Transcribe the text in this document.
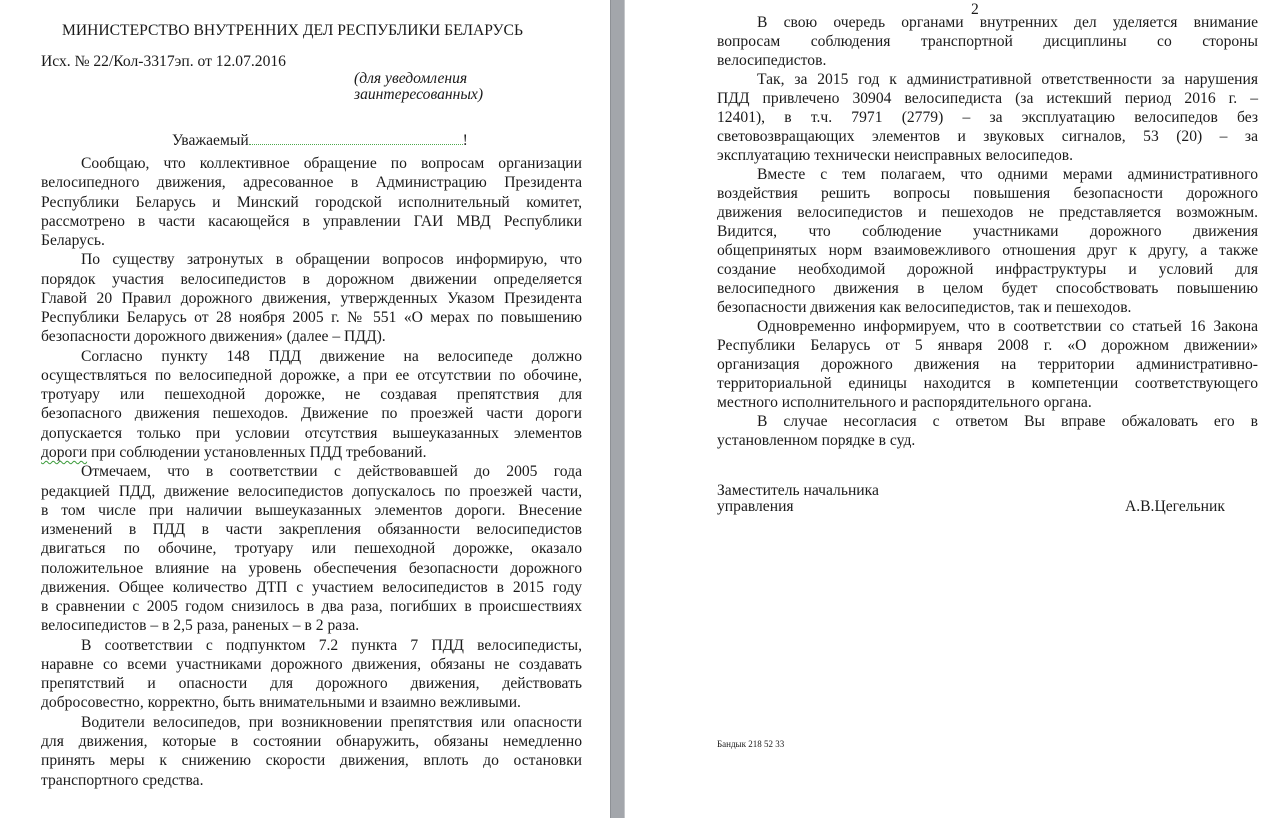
МИНИСТЕРСТВО ВНУТРЕННИХ ДЕЛ РЕСПУБЛИКИ БЕЛАРУСЬ
Исх. № 22/Кол-3317эп. от 12.07.2016
(для уведомления
заинтересованных)
Уважаемый	!
Сообщаю, что коллективное обращение по вопросам организации
велосипедного движения, адресованное в Администрацию Президента
Республики Беларусь и Минский городской исполнительный комитет,
рассмотрено в части касающейся в управлении ГАИ МВД Республики
Беларусь.
По существу затронутых в обращении вопросов информирую, что
порядок участия велосипедистов в дорожном движении определяется
Главой 20 Правил дорожного движения, утвержденных Указом Президента
Республики Беларусь от 28 ноября 2005 г. № 551 «О мерах по повышению
безопасности дорожного движения» (далее – ПДД).
Согласно пункту 148 ПДД движение на велосипеде должно
осуществляться по велосипедной дорожке, а при ее отсутствии по обочине,
тротуару или пешеходной дорожке, не создавая препятствия для
безопасного движения пешеходов. Движение по проезжей части дороги
допускается только при условии отсутствия вышеуказанных элементов
дороги при соблюдении установленных ПДД требований.
Отмечаем, что в соответствии с действовавшей до 2005 года
редакцией ПДД, движение велосипедистов допускалось по проезжей части,
в том числе при наличии вышеуказанных элементов дороги. Внесение
изменений в ПДД в части закрепления обязанности велосипедистов
двигаться по обочине, тротуару или пешеходной дорожке, оказало
положительное влияние на уровень обеспечения безопасности дорожного
движения. Общее количество ДТП с участием велосипедистов в 2015 году
в сравнении с 2005 годом снизилось в два раза, погибших в происшествиях
велосипедистов – в 2,5 раза, раненых – в 2 раза.
В соответствии с подпунктом 7.2 пункта 7 ПДД велосипедисты,
наравне со всеми участниками дорожного движения, обязаны не создавать
препятствий и опасности для дорожного движения, действовать
добросовестно, корректно, быть внимательными и взаимно вежливыми.
Водители велосипедов, при возникновении препятствия или опасности
для движения, которые в состоянии обнаружить, обязаны немедленно
принять меры к снижению скорости движения, вплоть до остановки
транспортного средства.
2
В свою очередь органами внутренних дел уделяется внимание
вопросам соблюдения транспортной дисциплины со стороны
велосипедистов.
Так, за 2015 год к административной ответственности за нарушения
ПДД привлечено 30904 велосипедиста (за истекший период 2016 г. –
12401), в т.ч. 7971 (2779) – за эксплуатацию велосипедов без
световозвращающих элементов и звуковых сигналов, 53 (20) – за
эксплуатацию технически неисправных велосипедов.
Вместе с тем полагаем, что одними мерами административного
воздействия решить вопросы повышения безопасности дорожного
движения велосипедистов и пешеходов не представляется возможным.
Видится, что соблюдение участниками дорожного движения
общепринятых норм взаимовежливого отношения друг к другу, а также
создание необходимой дорожной инфраструктуры и условий для
велосипедного движения в целом будет способствовать повышению
безопасности движения как велосипедистов, так и пешеходов.
Одновременно информируем, что в соответствии со статьей 16 Закона
Республики Беларусь от 5 января 2008 г. «О дорожном движении»
организация дорожного движения на территории административно-
территориальной единицы находится в компетенции соответствующего
местного исполнительного и распорядительного органа.
В случае несогласия с ответом Вы вправе обжаловать его в
установленном порядке в суд.
Заместитель начальника
управления	А.В.Цегельник
Бандык 218 52 33
